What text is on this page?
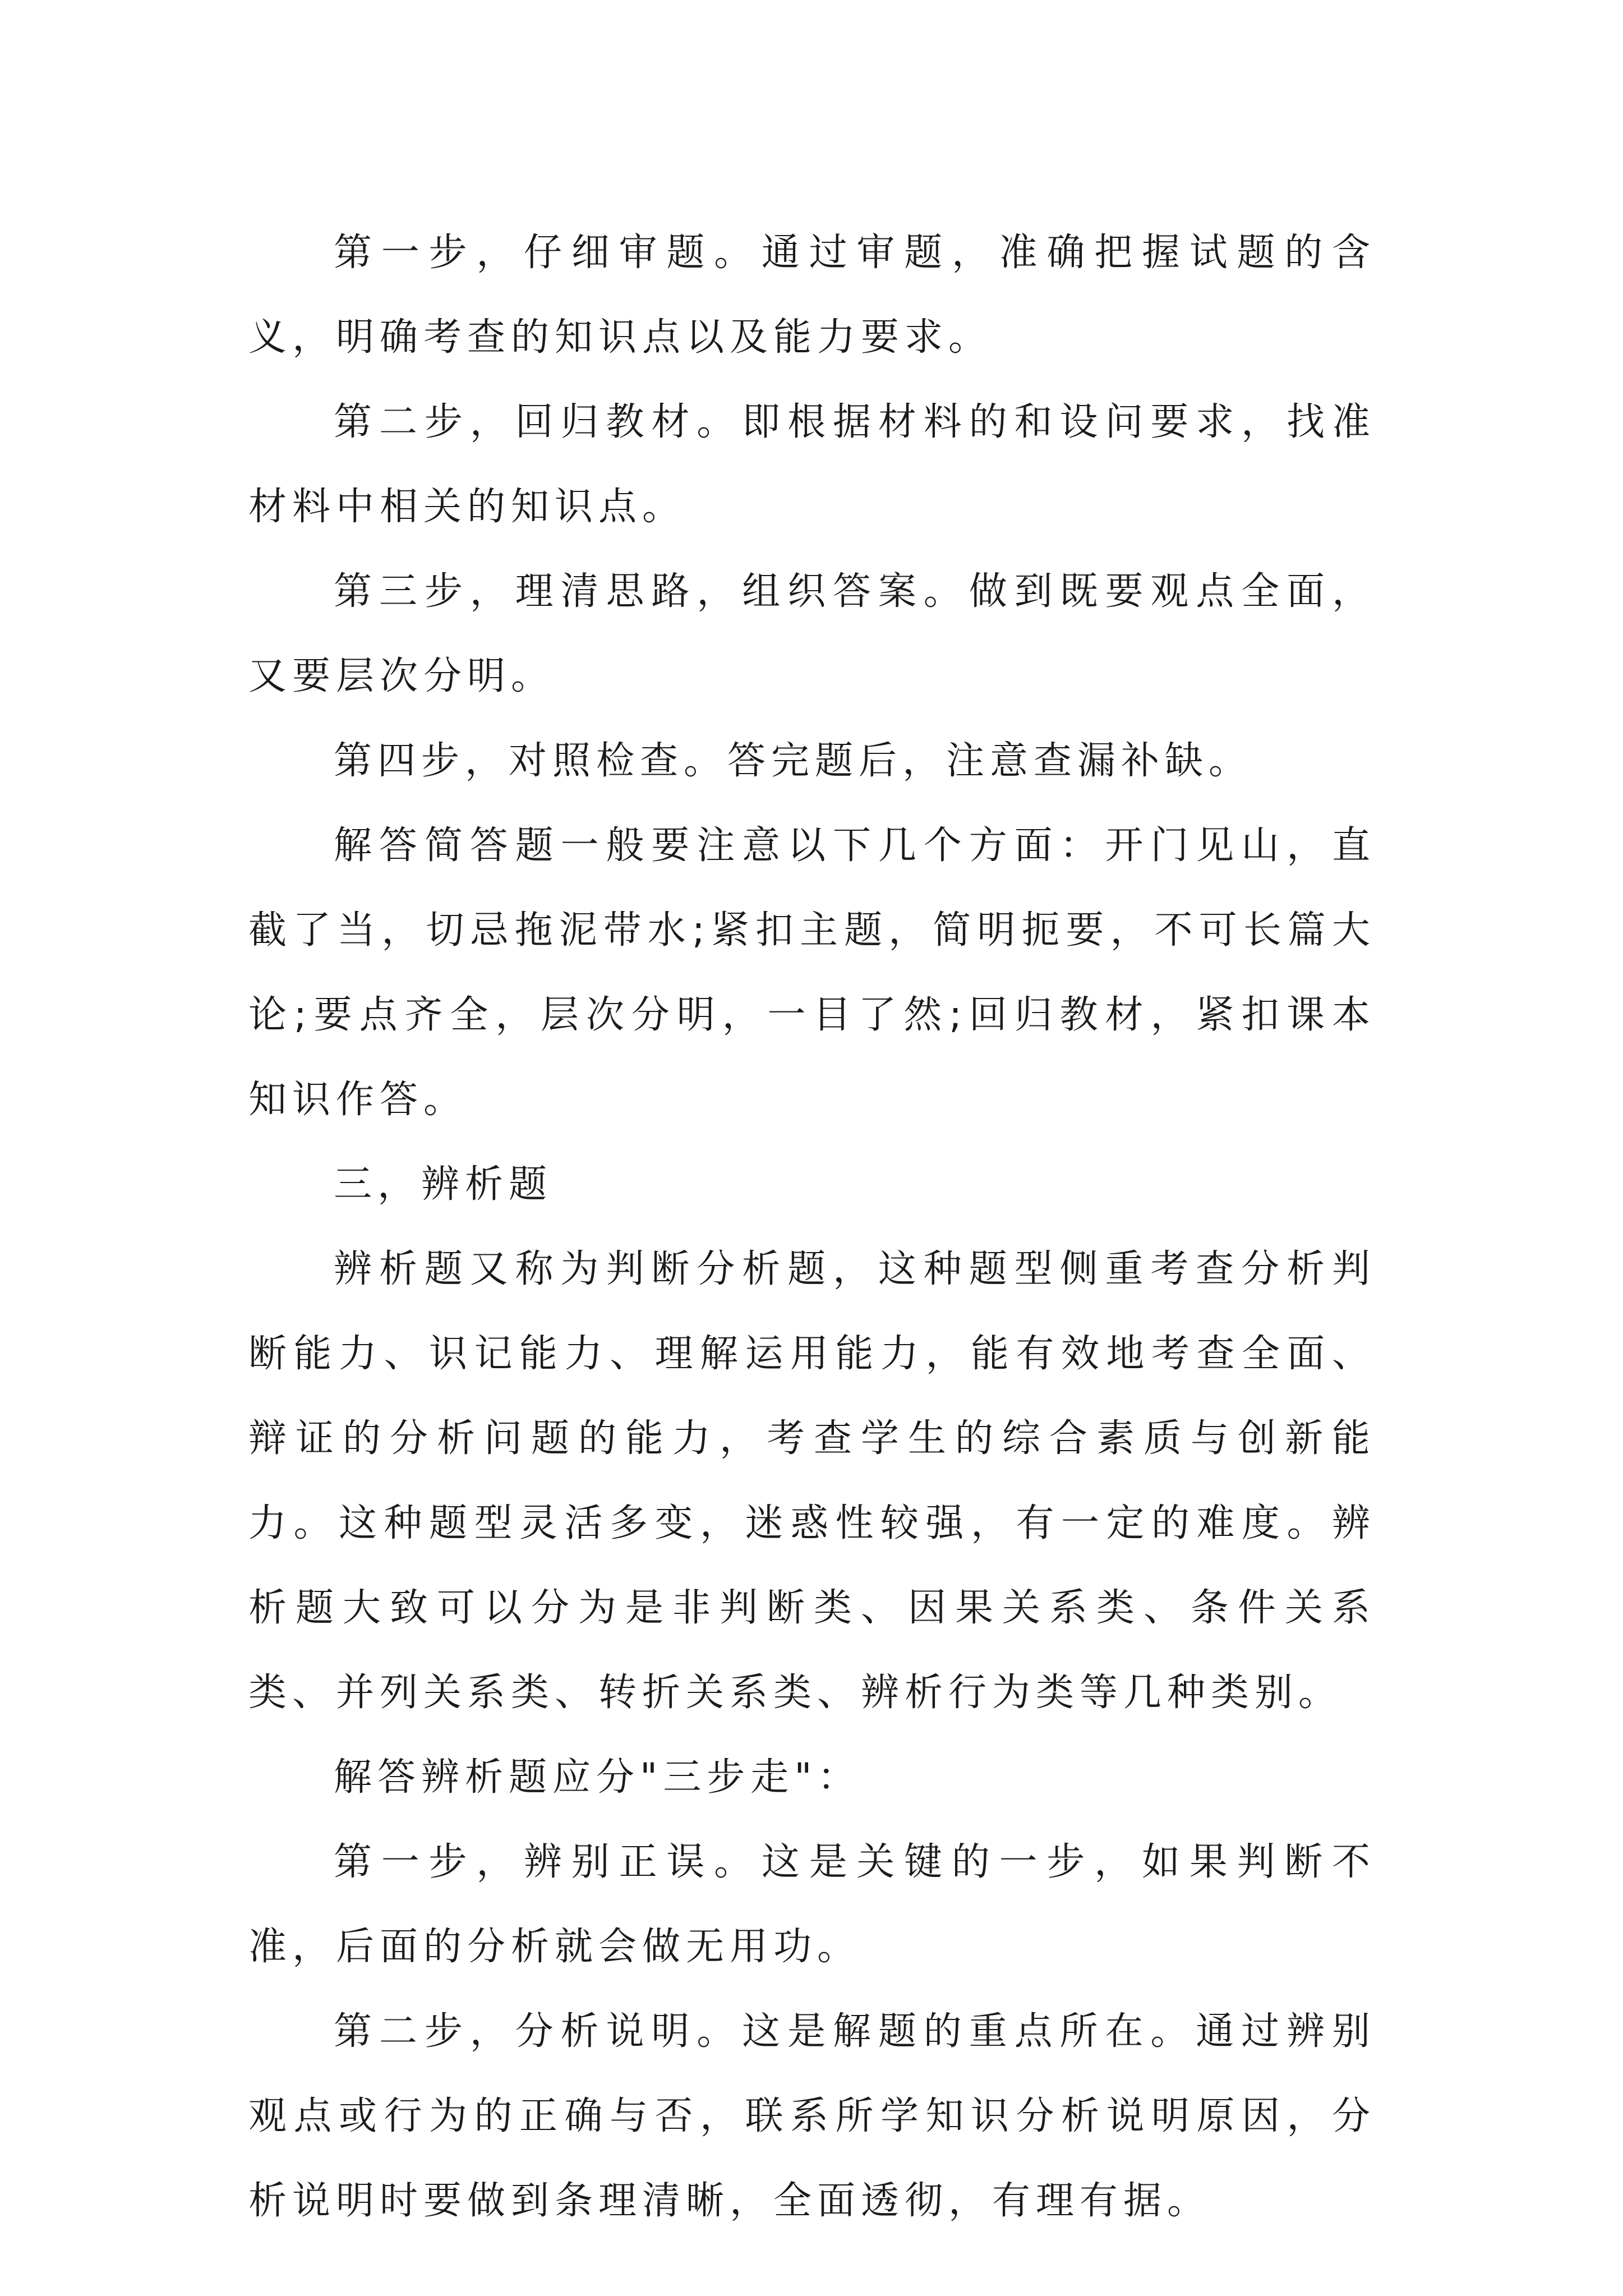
第一步，仔细审题。通过审题，准确把握试题的含义，明确考查的知识点以及能力要求。

第二步，回归教材。即根据材料的和设问要求，找准材料中相关的知识点。

第三步，理清思路，组织答案。做到既要观点全面，又要层次分明。

第四步，对照检查。答完题后，注意查漏补缺。

解答简答题一般要注意以下几个方面：开门见山，直截了当，切忌拖泥带水;紧扣主题，简明扼要，不可长篇大论;要点齐全，层次分明，一目了然;回归教材，紧扣课本知识作答。

三，辨析题

辨析题又称为判断分析题，这种题型侧重考查分析判断能力、识记能力、理解运用能力，能有效地考查全面、辩证的分析问题的能力，考查学生的综合素质与创新能力。这种题型灵活多变，迷惑性较强，有一定的难度。辨析题大致可以分为是非判断类、因果关系类、条件关系类、并列关系类、转折关系类、辨析行为类等几种类别。

解答辨析题应分"三步走"：

第一步，辨别正误。这是关键的一步，如果判断不准，后面的分析就会做无用功。

第二步，分析说明。这是解题的重点所在。通过辨别观点或行为的正确与否，联系所学知识分析说明原因，分析说明时要做到条理清晰，全面透彻，有理有据。
